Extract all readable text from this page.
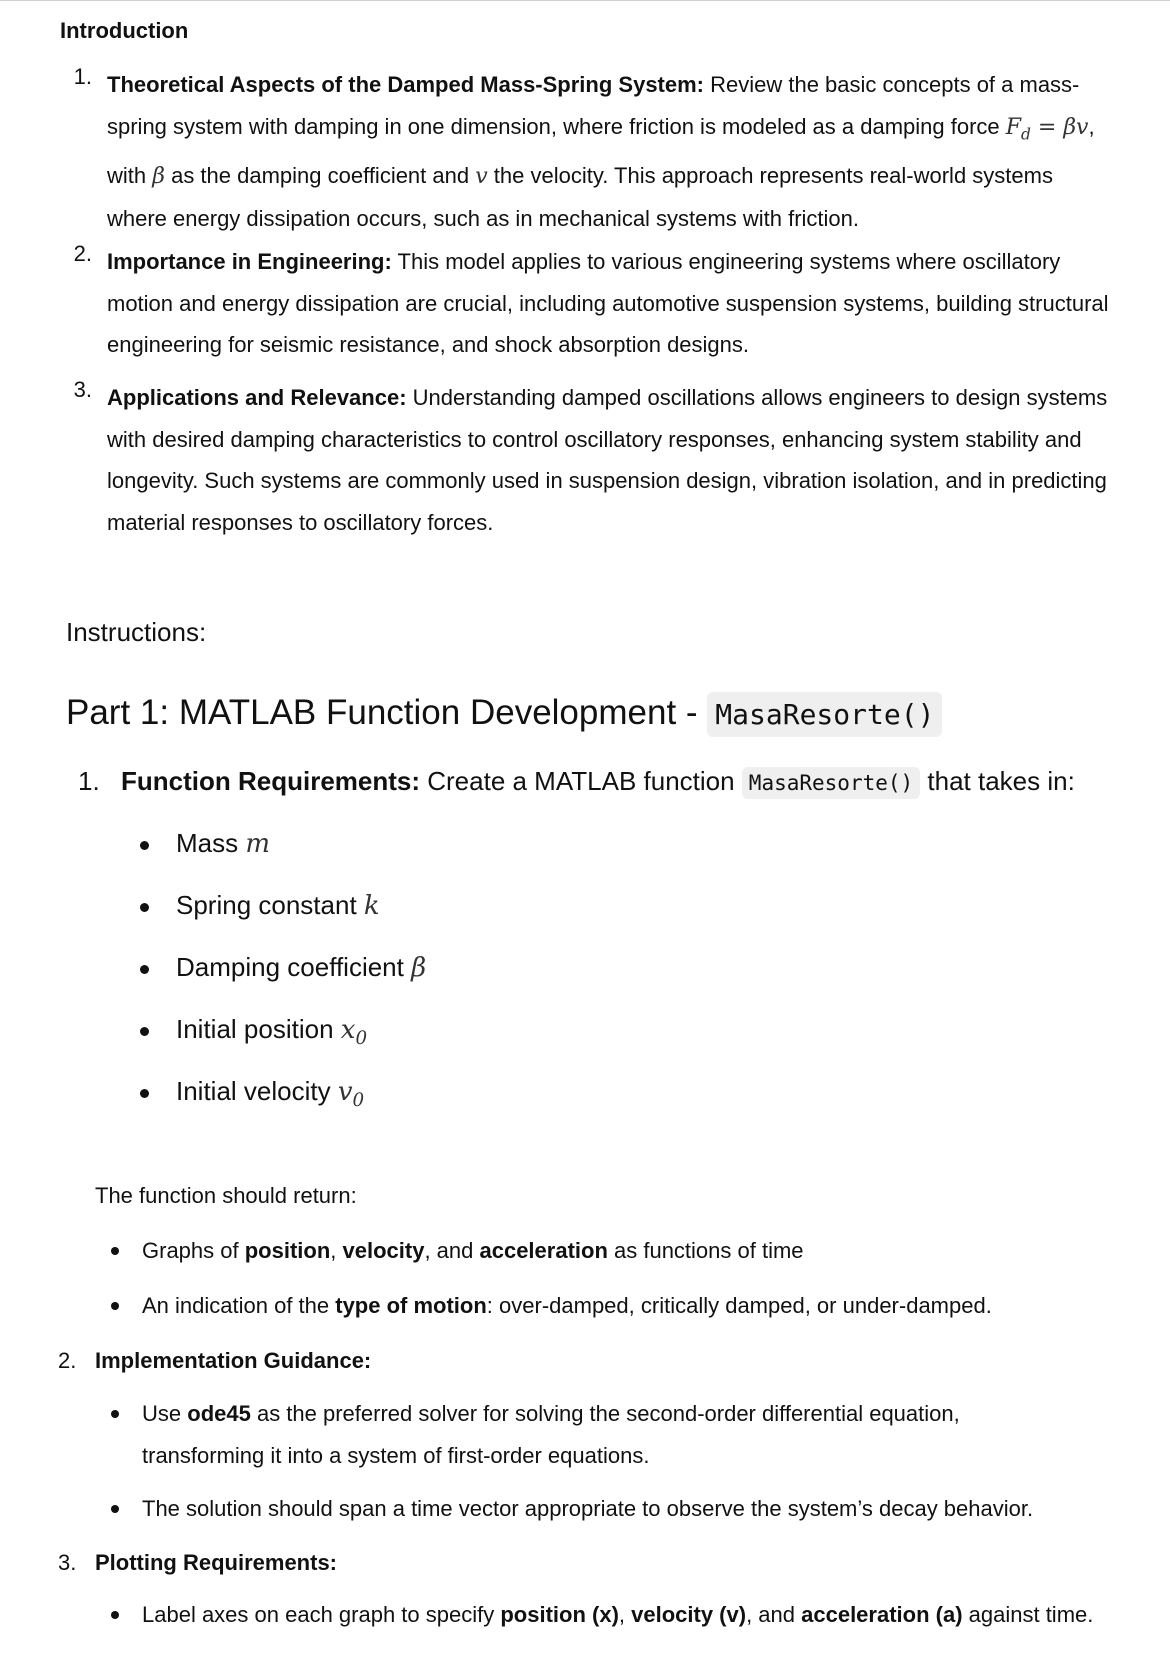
Introduction
1. Theoretical Aspects of the Damped Mass-Spring System: Review the basic concepts of a mass-spring system with damping in one dimension, where friction is modeled as a damping force $F_d = \beta v$, with β as the damping coefficient and v the velocity. This approach represents real-world systems where energy dissipation occurs, such as in mechanical systems with friction.
2. Importance in Engineering: This model applies to various engineering systems where oscillatory motion and energy dissipation are crucial, including automotive suspension systems, building structural engineering for seismic resistance, and shock absorption designs.
3. Applications and Relevance: Understanding damped oscillations allows engineers to design systems with desired damping characteristics to control oscillatory responses, enhancing system stability and longevity. Such systems are commonly used in suspension design, vibration isolation, and in predicting material responses to oscillatory forces.
Instructions:
Part 1: MATLAB Function Development - MasaResorte()
1. Function Requirements: Create a MATLAB function MasaResorte() that takes in:
Mass m
Spring constant k
Damping coefficient β
Initial position $x_0$
Initial velocity $v_0$
The function should return:
Graphs of position, velocity, and acceleration as functions of time
An indication of the type of motion: over-damped, critically damped, or under-damped.
2. Implementation Guidance:
Use ode45 as the preferred solver for solving the second-order differential equation, transforming it into a system of first-order equations.
The solution should span a time vector appropriate to observe the system’s decay behavior.
3. Plotting Requirements:
Label axes on each graph to specify position (x), velocity (v), and acceleration (a) against time.
